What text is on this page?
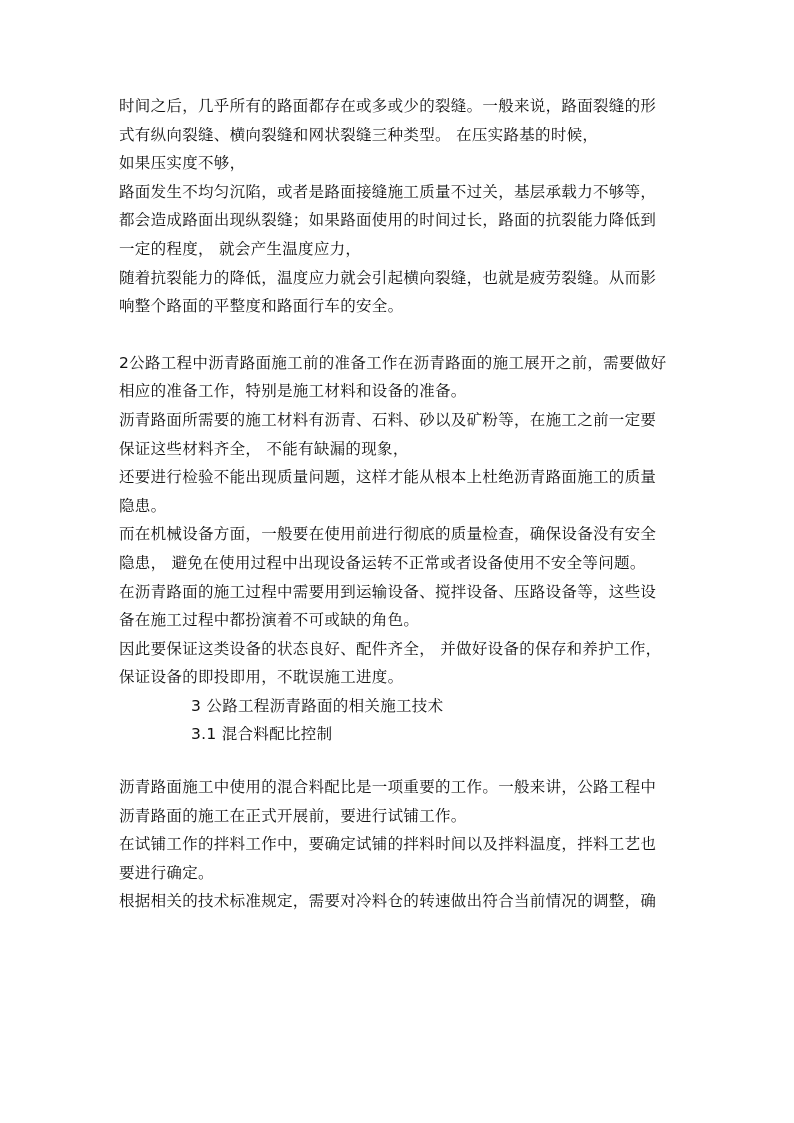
时间之后，几乎所有的路面都存在或多或少的裂缝。一般来说，路面裂缝的形

式有纵向裂缝、横向裂缝和网状裂缝三种类型。 在压实路基的时候，

如果压实度不够，

路面发生不均匀沉陷，或者是路面接缝施工质量不过关，基层承载力不够等，

都会造成路面出现纵裂缝；如果路面使用的时间过长，路面的抗裂能力降低到

一定的程度， 就会产生温度应力，

随着抗裂能力的降低，温度应力就会引起横向裂缝，也就是疲劳裂缝。从而影

响整个路面的平整度和路面行车的安全。

2公路工程中沥青路面施工前的准备工作在沥青路面的施工展开之前，需要做好

相应的准备工作，特别是施工材料和设备的准备。

沥青路面所需要的施工材料有沥青、石料、砂以及矿粉等，在施工之前一定要

保证这些材料齐全， 不能有缺漏的现象，

还要进行检验不能出现质量问题，这样才能从根本上杜绝沥青路面施工的质量

隐患。

而在机械设备方面，一般要在使用前进行彻底的质量检查，确保设备没有安全

隐患， 避免在使用过程中出现设备运转不正常或者设备使用不安全等问题。

在沥青路面的施工过程中需要用到运输设备、搅拌设备、压路设备等，这些设

备在施工过程中都扮演着不可或缺的角色。

因此要保证这类设备的状态良好、配件齐全， 并做好设备的保存和养护工作，

保证设备的即投即用，不耽误施工进度。

3 公路工程沥青路面的相关施工技术

3.1 混合料配比控制

沥青路面施工中使用的混合料配比是一项重要的工作。一般来讲，公路工程中

沥青路面的施工在正式开展前，要进行试铺工作。

在试铺工作的拌料工作中，要确定试铺的拌料时间以及拌料温度，拌料工艺也

要进行确定。

根据相关的技术标准规定，需要对冷料仓的转速做出符合当前情况的调整，确
